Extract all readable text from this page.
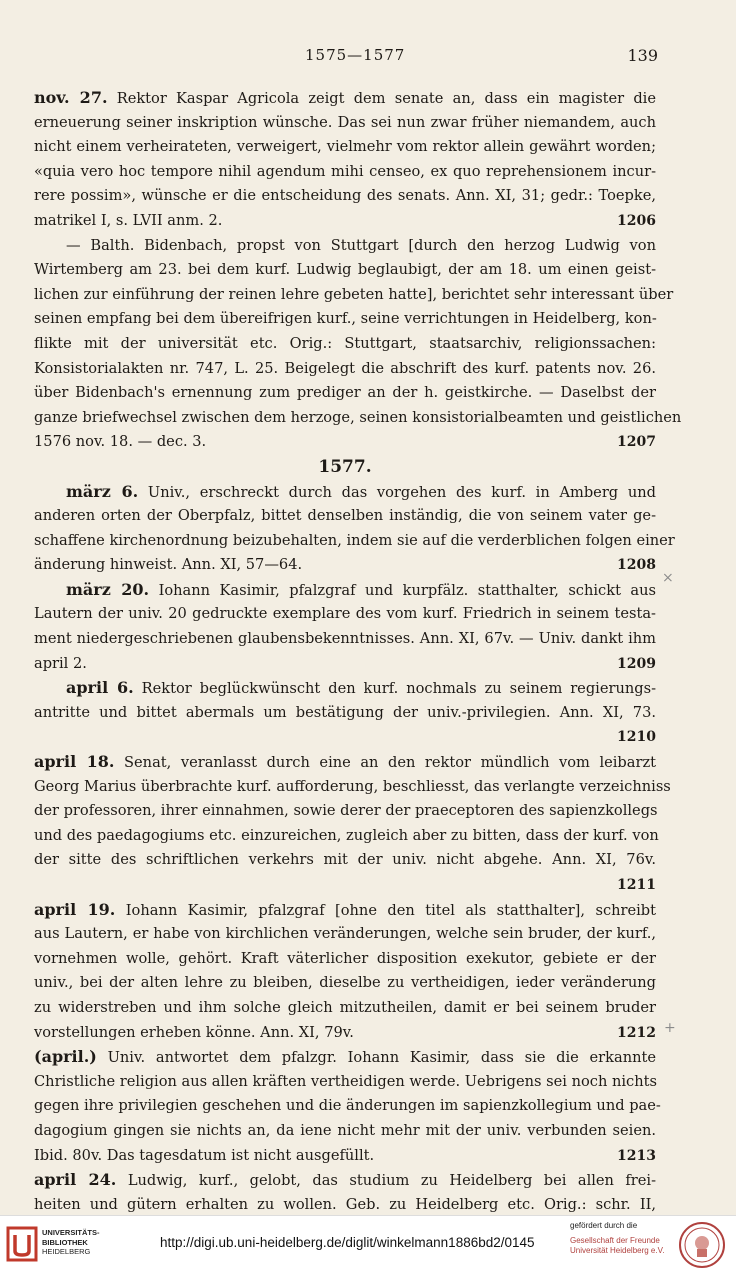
1575—1577	139
nov. 27. Rektor Kaspar Agricola zeigt dem senate an, dass ein magister die
erneuerung seiner inskription wünsche. Das sei nun zwar früher niemandem, auch
nicht einem verheirateten, verweigert, vielmehr vom rektor allein gewährt worden;
«quia vero hoc tempore nihil agendum mihi censeo, ex quo reprehensionem incur-
rere possim», wünsche er die entscheidung des senats. Ann. XI, 31; gedr.: Toepke,
matrikel I, s. LVII anm. 2.	1206
— Balth. Bidenbach, propst von Stuttgart [durch den herzog Ludwig von
Wirtemberg am 23. bei dem kurf. Ludwig beglaubigt, der am 18. um einen geist-
lichen zur einführung der reinen lehre gebeten hatte], berichtet sehr interessant über
seinen empfang bei dem übereifrigen kurf., seine verrichtungen in Heidelberg, kon-
flikte mit der universität etc. Orig.: Stuttgart, staatsarchiv, religionssachen:
Konsistorialakten nr. 747, L. 25. Beigelegt die abschrift des kurf. patents nov. 26.
über Bidenbach's ernennung zum prediger an der h. geistkirche. — Daselbst der
ganze briefwechsel zwischen dem herzoge, seinen konsistorialbeamten und geistlichen
1576 nov. 18. — dec. 3.	1207
1577.
märz 6. Univ., erschreckt durch das vorgehen des kurf. in Amberg und
anderen orten der Oberpfalz, bittet denselben inständig, die von seinem vater ge-
schaffene kirchenordnung beizubehalten, indem sie auf die verderblichen folgen einer
änderung hinweist. Ann. XI, 57—64.	1208
märz 20. Iohann Kasimir, pfalzgraf und kurpfälz. statthalter, schickt aus
Lautern der univ. 20 gedruckte exemplare des vom kurf. Friedrich in seinem testa-
ment niedergeschriebenen glaubensbekenntnisses. Ann. XI, 67v. — Univ. dankt ihm
april 2.	1209
april 6. Rektor beglückwünscht den kurf. nochmals zu seinem regierungs-
antritte und bittet abermals um bestätigung der univ.-privilegien. Ann. XI, 73.
1210
april 18. Senat, veranlasst durch eine an den rektor mündlich vom leibarzt
Georg Marius überbrachte kurf. aufforderung, beschliesst, das verlangte verzeichniss
der professoren, ihrer einnahmen, sowie derer der praeceptoren des sapienzkollegs
und des paedagogiums etc. einzureichen, zugleich aber zu bitten, dass der kurf. von
der sitte des schriftlichen verkehrs mit der univ. nicht abgehe. Ann. XI, 76v.
1211
april 19. Iohann Kasimir, pfalzgraf [ohne den titel als statthalter], schreibt
aus Lautern, er habe von kirchlichen veränderungen, welche sein bruder, der kurf.,
vornehmen wolle, gehört. Kraft väterlicher disposition exekutor, gebiete er der
univ., bei der alten lehre zu bleiben, dieselbe zu vertheidigen, ieder veränderung
zu widerstreben und ihm solche gleich mitzutheilen, damit er bei seinem bruder
vorstellungen erheben könne. Ann. XI, 79v.	1212
(april.) Univ. antwortet dem pfalzgr. Iohann Kasimir, dass sie die erkannte
Christliche religion aus allen kräften vertheidigen werde. Uebrigens sei noch nichts
gegen ihre privilegien geschehen und die änderungen im sapienzkollegium und pae-
dagogium gingen sie nichts an, da iene nicht mehr mit der univ. verbunden seien.
Ibid. 80v. Das tagesdatum ist nicht ausgefüllt.	1213
april 24. Ludwig, kurf., gelobt, das studium zu Heidelberg bei allen frei-
heiten und gütern erhalten zu wollen. Geb. zu Heidelberg etc. Orig.: schr. II,
×
+
UNIVERSITÄTS-
BIBLIOTHEK
HEIDELBERG
http://digi.ub.uni-heidelberg.de/diglit/winkelmann1886bd2/0145
gefördert durch die
Gesellschaft der Freunde
Universität Heidelberg e.V.
